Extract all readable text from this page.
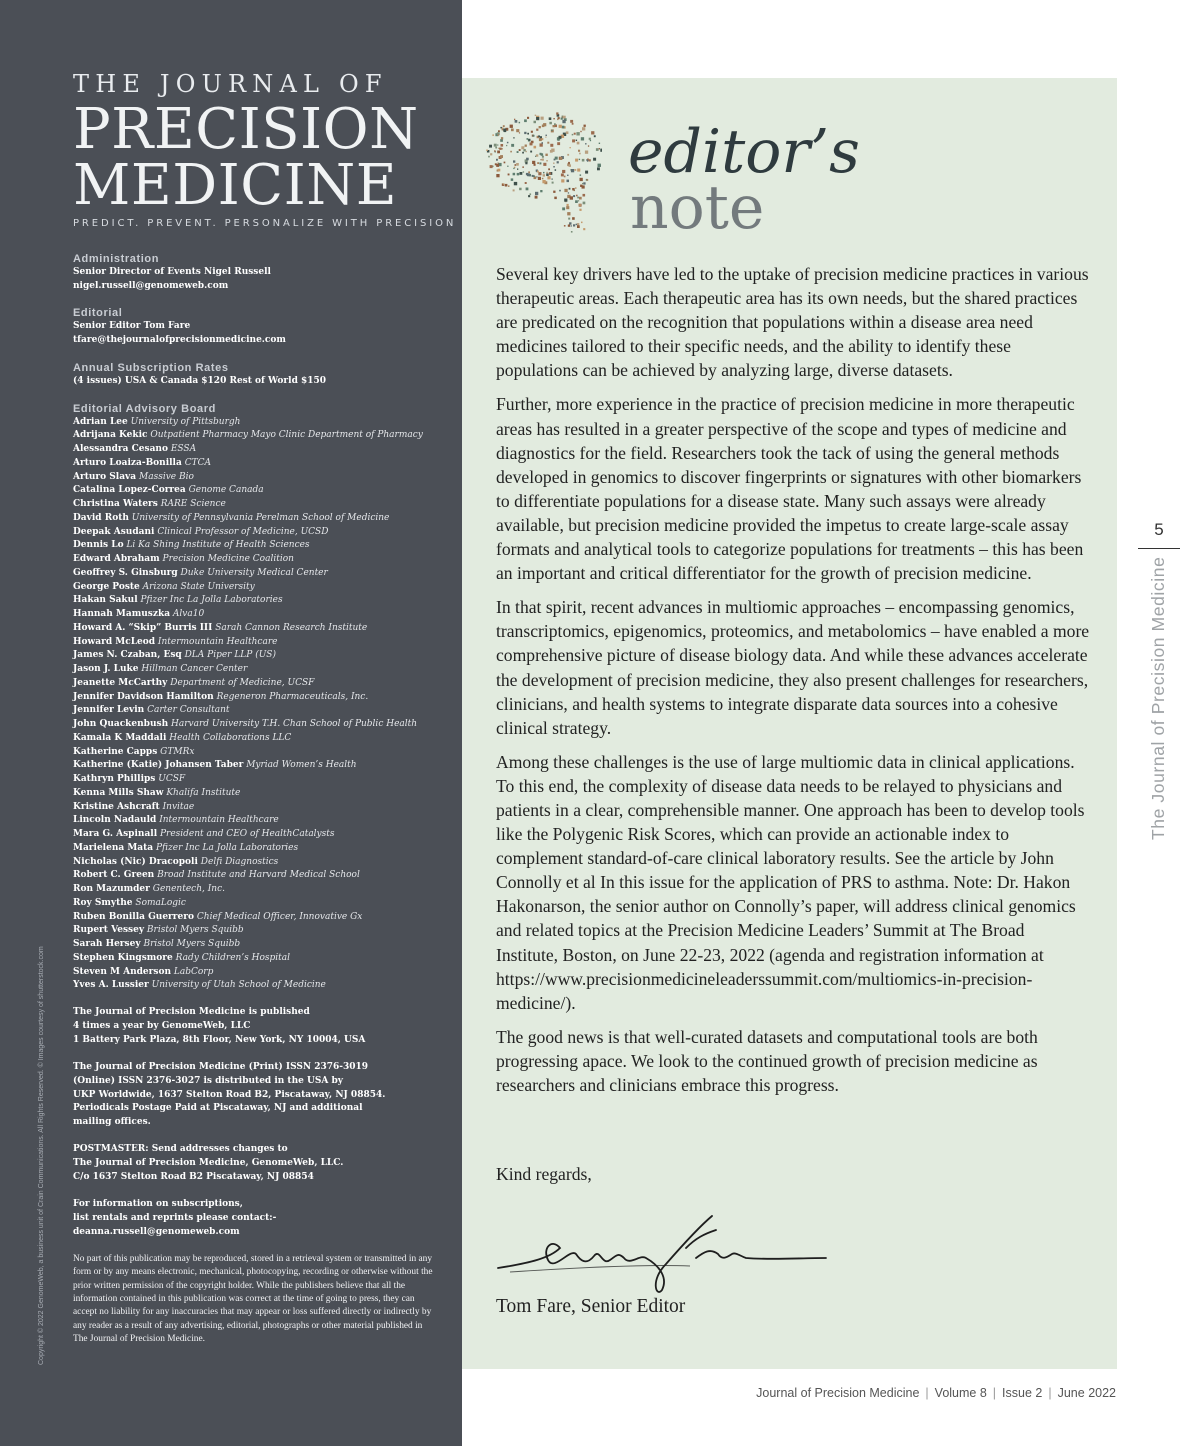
THE JOURNAL OF
PRECISION
MEDICINE
PREDICT. PREVENT. PERSONALIZE WITH PRECISION
Administration
Senior Director of Events Nigel Russell
nigel.russell@genomeweb.com
Editorial
Senior Editor Tom Fare
tfare@thejournalofprecisionmedicine.com
Annual Subscription Rates
(4 issues) USA & Canada $120 Rest of World $150
Editorial Advisory Board
Adrian Lee University of Pittsburgh
Adrijana Kekic Outpatient Pharmacy Mayo Clinic Department of Pharmacy
Alessandra Cesano ESSA
Arturo Loaiza-Bonilla CTCA
Arturo Slava Massive Bio
Catalina Lopez-Correa Genome Canada
Christina Waters RARE Science
David Roth University of Pennsylvania Perelman School of Medicine
Deepak Asudani Clinical Professor of Medicine, UCSD
Dennis Lo Li Ka Shing Institute of Health Sciences
Edward Abraham Precision Medicine Coalition
Geoffrey S. Ginsburg Duke University Medical Center
George Poste Arizona State University
Hakan Sakul Pfizer Inc La Jolla Laboratories
Hannah Mamuszka Alva10
Howard A. “Skip” Burris III Sarah Cannon Research Institute
Howard McLeod Intermountain Healthcare
James N. Czaban, Esq DLA Piper LLP (US)
Jason J. Luke Hillman Cancer Center
Jeanette McCarthy Department of Medicine, UCSF
Jennifer Davidson Hamilton Regeneron Pharmaceuticals, Inc.
Jennifer Levin Carter Consultant
John Quackenbush Harvard University T.H. Chan School of Public Health
Kamala K Maddali Health Collaborations LLC
Katherine Capps GTMRx
Katherine (Katie) Johansen Taber Myriad Women’s Health
Kathryn Phillips UCSF
Kenna Mills Shaw Khalifa Institute
Kristine Ashcraft Invitae
Lincoln Nadauld Intermountain Healthcare
Mara G. Aspinall President and CEO of HealthCatalysts
Marielena Mata Pfizer Inc La Jolla Laboratories
Nicholas (Nic) Dracopoli Delfi Diagnostics
Robert C. Green Broad Institute and Harvard Medical School
Ron Mazumder Genentech, Inc.
Roy Smythe SomaLogic
Ruben Bonilla Guerrero Chief Medical Officer, Innovative Gx
Rupert Vessey Bristol Myers Squibb
Sarah Hersey Bristol Myers Squibb
Stephen Kingsmore Rady Children’s Hospital
Steven M Anderson LabCorp
Yves A. Lussier University of Utah School of Medicine
The Journal of Precision Medicine is published
4 times a year by GenomeWeb, LLC
1 Battery Park Plaza, 8th Floor, New York, NY 10004, USA
The Journal of Precision Medicine (Print) ISSN 2376-3019
(Online) ISSN 2376-3027 is distributed in the USA by
UKP Worldwide, 1637 Stelton Road B2, Piscataway, NJ 08854.
Periodicals Postage Paid at Piscataway, NJ and additional
mailing offices.
POSTMASTER: Send addresses changes to
The Journal of Precision Medicine, GenomeWeb, LLC.
C/o 1637 Stelton Road B2 Piscataway, NJ 08854
For information on subscriptions,
list rentals and reprints please contact:-
deanna.russell@genomeweb.com
No part of this publication may be reproduced, stored in a retrieval system or transmitted in any form or by any means electronic, mechanical, photocopying, recording or otherwise without the prior written permission of the copyright holder. While the publishers believe that all the information contained in this publication was correct at the time of going to press, they can accept no liability for any inaccuracies that may appear or loss suffered directly or indirectly by any reader as a result of any advertising, editorial, photographs or other material published in The Journal of Precision Medicine.
Copyright © 2022 GenomeWeb, a business unit of Crain Communications. All Rights Reserved. © Images courtesy of shutterstock.com
editor’s
note

Several key drivers have led to the uptake of precision medicine practices in various therapeutic areas. Each therapeutic area has its own needs, but the shared practices are predicated on the recognition that populations within a disease area need medicines tailored to their specific needs, and the ability to identify these populations can be achieved by analyzing large, diverse datasets.

Further, more experience in the practice of precision medicine in more therapeutic areas has resulted in a greater perspective of the scope and types of medicine and diagnostics for the field. Researchers took the tack of using the general methods developed in genomics to discover fingerprints or signatures with other biomarkers to differentiate populations for a disease state. Many such assays were already available, but precision medicine provided the impetus to create large-scale assay formats and analytical tools to categorize populations for treatments – this has been an important and critical differentiator for the growth of precision medicine.

In that spirit, recent advances in multiomic approaches – encompassing genomics, transcriptomics, epigenomics, proteomics, and metabolomics – have enabled a more comprehensive picture of disease biology data. And while these advances accelerate the development of precision medicine, they also present challenges for researchers, clinicians, and health systems to integrate disparate data sources into a cohesive clinical strategy.

Among these challenges is the use of large multiomic data in clinical applications. To this end, the complexity of disease data needs to be relayed to physicians and patients in a clear, comprehensible manner. One approach has been to develop tools like the Polygenic Risk Scores, which can provide an actionable index to complement standard-of-care clinical laboratory results. See the article by John Connolly et al In this issue for the application of PRS to asthma. Note: Dr. Hakon Hakonarson, the senior author on Connolly’s paper, will address clinical genomics and related topics at the Precision Medicine Leaders’ Summit at The Broad Institute, Boston, on June 22-23, 2022 (agenda and registration information at https://www.precisionmedicineleaderssummit.com/multiomics-in-precision-medicine/).

The good news is that well-curated datasets and computational tools are both progressing apace. We look to the continued growth of precision medicine as researchers and clinicians embrace this progress.

Kind regards,
Tom Fare, Senior Editor
5
The Journal of Precision Medicine
Journal of Precision Medicine | Volume 8 | Issue 2 | June 2022
